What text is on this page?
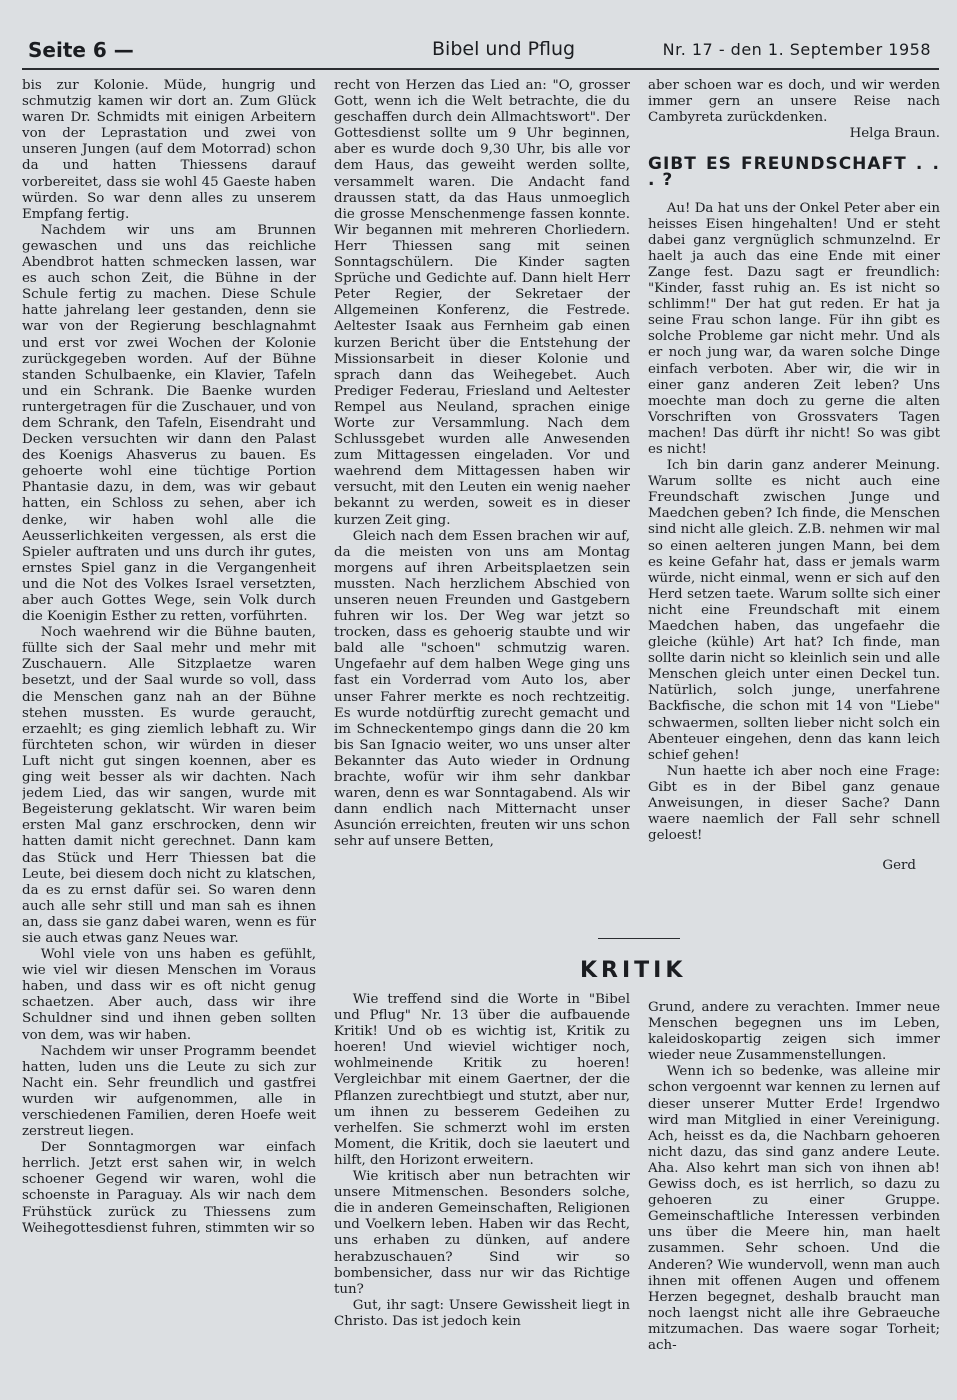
Seite 6 —	Bibel und Pflug	Nr. 17 - den 1. September 1958

bis zur Kolonie. Müde, hungrig und schmutzig kamen wir dort an. Zum Glück waren Dr. Schmidts mit einigen Arbeitern von der Leprastation und zwei von unseren Jungen (auf dem Motorrad) schon da und hatten Thiessens darauf vorbereitet, dass sie wohl 45 Gaeste haben würden. So war denn alles zu unserem Empfang fertig.

Nachdem wir uns am Brunnen gewaschen und uns das reichliche Abendbrot hatten schmecken lassen, war es auch schon Zeit, die Bühne in der Schule fertig zu machen. Diese Schule hatte jahrelang leer gestanden, denn sie war von der Regierung beschlagnahmt und erst vor zwei Wochen der Kolonie zurückgegeben worden. Auf der Bühne standen Schulbaenke, ein Klavier, Tafeln und ein Schrank. Die Baenke wurden runtergetragen für die Zuschauer, und von dem Schrank, den Tafeln, Eisendraht und Decken versuchten wir dann den Palast des Koenigs Ahasverus zu bauen. Es gehoerte wohl eine tüchtige Portion Phantasie dazu, in dem, was wir gebaut hatten, ein Schloss zu sehen, aber ich denke, wir haben wohl alle die Aeusserlichkeiten vergessen, als erst die Spieler auftraten und uns durch ihr gutes, ernstes Spiel ganz in die Vergangenheit und die Not des Volkes Israel versetzten, aber auch Gottes Wege, sein Volk durch die Koenigin Esther zu retten, vorführten.

Noch waehrend wir die Bühne bauten, füllte sich der Saal mehr und mehr mit Zuschauern. Alle Sitzplaetze waren besetzt, und der Saal wurde so voll, dass die Menschen ganz nah an der Bühne stehen mussten. Es wurde geraucht, erzaehlt; es ging ziemlich lebhaft zu. Wir fürchteten schon, wir würden in dieser Luft nicht gut singen koennen, aber es ging weit besser als wir dachten. Nach jedem Lied, das wir sangen, wurde mit Begeisterung geklatscht. Wir waren beim ersten Mal ganz erschrocken, denn wir hatten damit nicht gerechnet. Dann kam das Stück und Herr Thiessen bat die Leute, bei diesem doch nicht zu klatschen, da es zu ernst dafür sei. So waren denn auch alle sehr still und man sah es ihnen an, dass sie ganz dabei waren, wenn es für sie auch etwas ganz Neues war.

Wohl viele von uns haben es gefühlt, wie viel wir diesen Menschen im Voraus haben, und dass wir es oft nicht genug schaetzen. Aber auch, dass wir ihre Schuldner sind und ihnen geben sollten von dem, was wir haben.

Nachdem wir unser Programm beendet hatten, luden uns die Leute zu sich zur Nacht ein. Sehr freundlich und gastfrei wurden wir aufgenommen, alle in verschiedenen Familien, deren Hoefe weit zerstreut liegen.

Der Sonntagmorgen war einfach herrlich. Jetzt erst sahen wir, in welch schoener Gegend wir waren, wohl die schoenste in Paraguay. Als wir nach dem Frühstück zurück zu Thiessens zum Weihegottesdienst fuhren, stimmten wir so

recht von Herzen das Lied an: "O, grosser Gott, wenn ich die Welt betrachte, die du geschaffen durch dein Allmachtswort". Der Gottesdienst sollte um 9 Uhr beginnen, aber es wurde doch 9,30 Uhr, bis alle vor dem Haus, das geweiht werden sollte, versammelt waren. Die Andacht fand draussen statt, da das Haus unmoeglich die grosse Menschenmenge fassen konnte. Wir begannen mit mehreren Chorliedern. Herr Thiessen sang mit seinen Sonntagschülern. Die Kinder sagten Sprüche und Gedichte auf. Dann hielt Herr Peter Regier, der Sekretaer der Allgemeinen Konferenz, die Festrede. Aeltester Isaak aus Fernheim gab einen kurzen Bericht über die Entstehung der Missionsarbeit in dieser Kolonie und sprach dann das Weihegebet. Auch Prediger Federau, Friesland und Aeltester Rempel aus Neuland, sprachen einige Worte zur Versammlung. Nach dem Schlussgebet wurden alle Anwesenden zum Mittagessen eingeladen. Vor und waehrend dem Mittagessen haben wir versucht, mit den Leuten ein wenig naeher bekannt zu werden, soweit es in dieser kurzen Zeit ging.

Gleich nach dem Essen brachen wir auf, da die meisten von uns am Montag morgens auf ihren Arbeitsplaetzen sein mussten. Nach herzlichem Abschied von unseren neuen Freunden und Gastgebern fuhren wir los. Der Weg war jetzt so trocken, dass es gehoerig staubte und wir bald alle "schoen" schmutzig waren. Ungefaehr auf dem halben Wege ging uns fast ein Vorderrad vom Auto los, aber unser Fahrer merkte es noch rechtzeitig. Es wurde notdürftig zurecht gemacht und im Schneckentempo gings dann die 20 km bis San Ignacio weiter, wo uns unser alter Bekannter das Auto wieder in Ordnung brachte, wofür wir ihm sehr dankbar waren, denn es war Sonntagabend. Als wir dann endlich nach Mitternacht unser Asunción erreichten, freuten wir uns schon sehr auf unsere Betten,

aber schoen war es doch, und wir werden immer gern an unsere Reise nach Cambyreta zurückdenken.

Helga Braun.
GIBT ES FREUNDSCHAFT . . . ?

Au! Da hat uns der Onkel Peter aber ein heisses Eisen hingehalten! Und er steht dabei ganz vergnüglich schmunzelnd. Er haelt ja auch das eine Ende mit einer Zange fest. Dazu sagt er freundlich: "Kinder, fasst ruhig an. Es ist nicht so schlimm!" Der hat gut reden. Er hat ja seine Frau schon lange. Für ihn gibt es solche Probleme gar nicht mehr. Und als er noch jung war, da waren solche Dinge einfach verboten. Aber wir, die wir in einer ganz anderen Zeit leben? Uns moechte man doch zu gerne die alten Vorschriften von Grossvaters Tagen machen! Das dürft ihr nicht! So was gibt es nicht!

Ich bin darin ganz anderer Meinung. Warum sollte es nicht auch eine Freundschaft zwischen Junge und Maedchen geben? Ich finde, die Menschen sind nicht alle gleich. Z.B. nehmen wir mal so einen aelteren jungen Mann, bei dem es keine Gefahr hat, dass er jemals warm würde, nicht einmal, wenn er sich auf den Herd setzen taete. Warum sollte sich einer nicht eine Freundschaft mit einem Maedchen haben, das ungefaehr die gleiche (kühle) Art hat? Ich finde, man sollte darin nicht so kleinlich sein und alle Menschen gleich unter einen Deckel tun. Natürlich, solch junge, unerfahrene Backfische, die schon mit 14 von "Liebe" schwaermen, sollten lieber nicht solch ein Abenteuer eingehen, denn das kann leich schief gehen!

Nun haette ich aber noch eine Frage: Gibt es in der Bibel ganz genaue Anweisungen, in dieser Sache? Dann waere naemlich der Fall sehr schnell geloest!

Gerd
KRITIK

Wie treffend sind die Worte in "Bibel und Pflug" Nr. 13 über die aufbauende Kritik! Und ob es wichtig ist, Kritik zu hoeren! Und wieviel wichtiger noch, wohlmeinende Kritik zu hoeren! Vergleichbar mit einem Gaertner, der die Pflanzen zurechtbiegt und stutzt, aber nur, um ihnen zu besserem Gedeihen zu verhelfen. Sie schmerzt wohl im ersten Moment, die Kritik, doch sie laeutert und hilft, den Horizont erweitern.

Wie kritisch aber nun betrachten wir unsere Mitmenschen. Besonders solche, die in anderen Gemeinschaften, Religionen und Voelkern leben. Haben wir das Recht, uns erhaben zu dünken, auf andere herabzuschauen? Sind wir so bombensicher, dass nur wir das Richtige tun?

Gut, ihr sagt: Unsere Gewissheit liegt in Christo. Das ist jedoch kein

Grund, andere zu verachten. Immer neue Menschen begegnen uns im Leben, kaleidoskopartig zeigen sich immer wieder neue Zusammenstellungen.

Wenn ich so bedenke, was alleine mir schon vergoennt war kennen zu lernen auf dieser unserer Mutter Erde! Irgendwo wird man Mitglied in einer Vereinigung. Ach, heisst es da, die Nachbarn gehoeren nicht dazu, das sind ganz andere Leute. Aha. Also kehrt man sich von ihnen ab! Gewiss doch, es ist herrlich, so dazu zu gehoeren zu einer Gruppe. Gemeinschaftliche Interessen verbinden uns über die Meere hin, man haelt zusammen. Sehr schoen. Und die Anderen? Wie wundervoll, wenn man auch ihnen mit offenen Augen und offenem Herzen begegnet, deshalb braucht man noch laengst nicht alle ihre Gebraeuche mitzumachen. Das waere sogar Torheit; ach-
